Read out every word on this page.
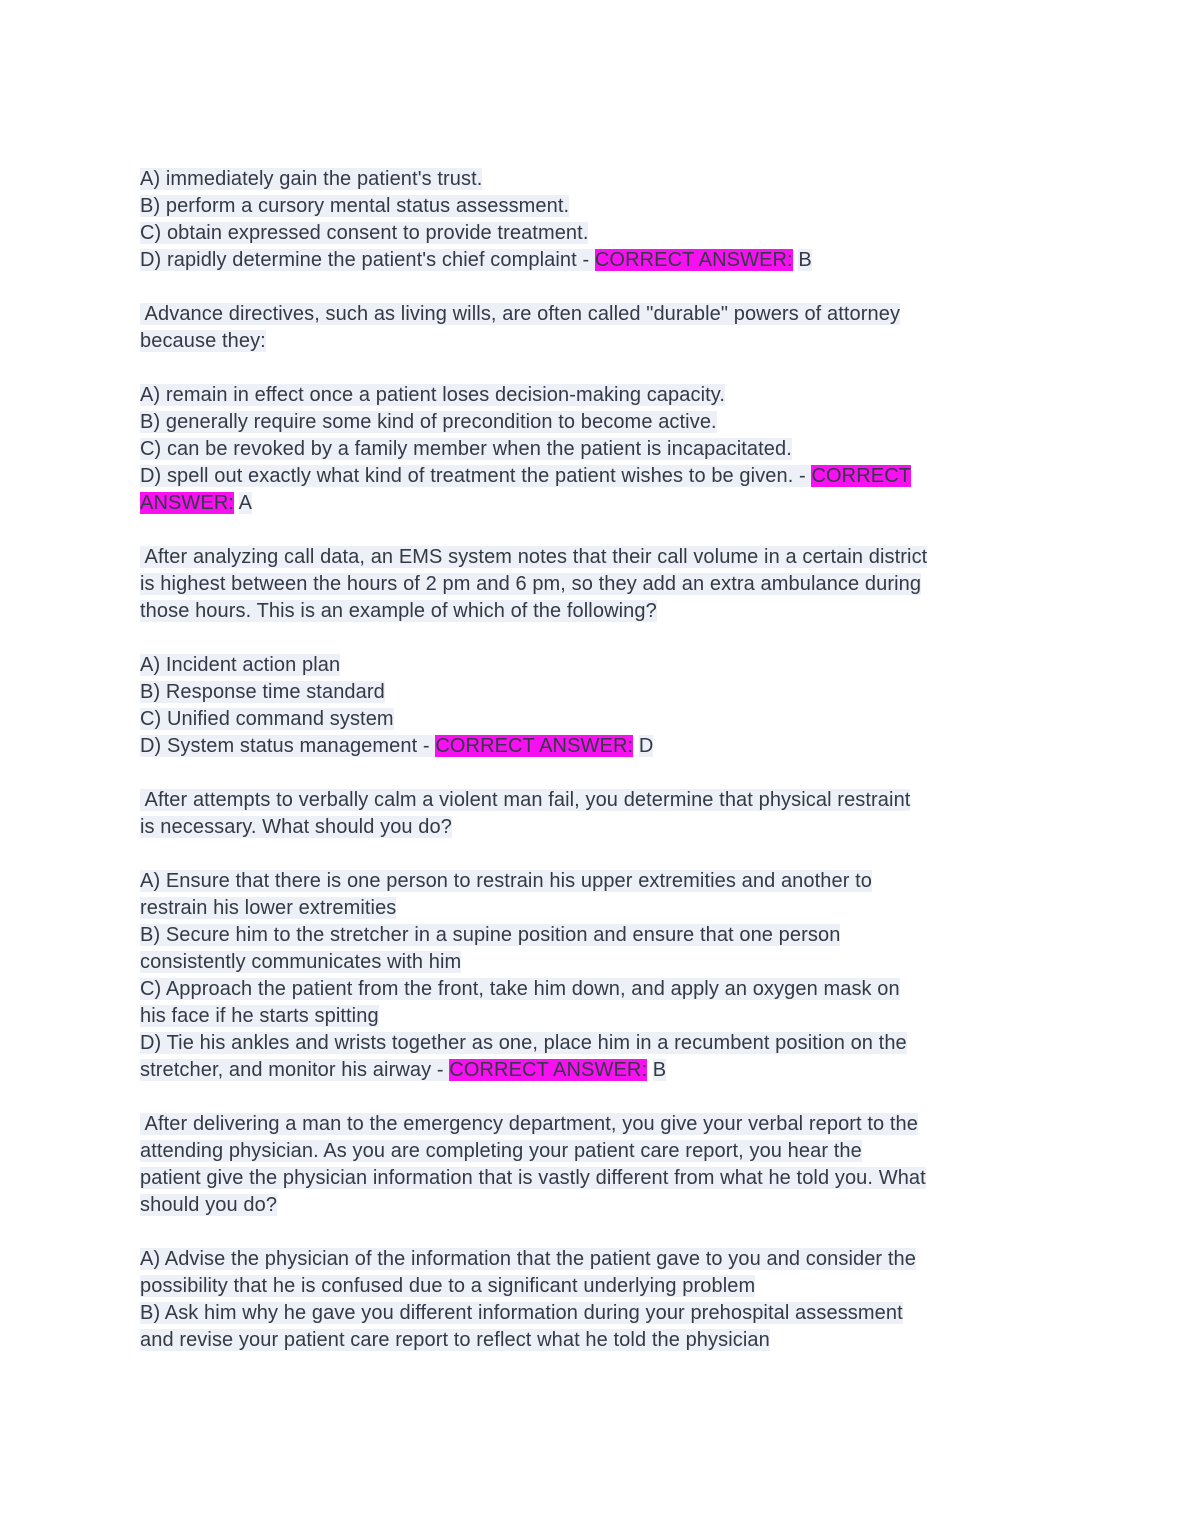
A) immediately gain the patient's trust.
B) perform a cursory mental status assessment.
C) obtain expressed consent to provide treatment.
D) rapidly determine the patient's chief complaint - CORRECT ANSWER: B
Advance directives, such as living wills, are often called "durable" powers of attorney
because they:
A) remain in effect once a patient loses decision-making capacity.
B) generally require some kind of precondition to become active.
C) can be revoked by a family member when the patient is incapacitated.
D) spell out exactly what kind of treatment the patient wishes to be given. - CORRECT
ANSWER: A
After analyzing call data, an EMS system notes that their call volume in a certain district
is highest between the hours of 2 pm and 6 pm, so they add an extra ambulance during
those hours. This is an example of which of the following?
A) Incident action plan
B) Response time standard
C) Unified command system
D) System status management - CORRECT ANSWER: D
After attempts to verbally calm a violent man fail, you determine that physical restraint
is necessary. What should you do?
A) Ensure that there is one person to restrain his upper extremities and another to
restrain his lower extremities
B) Secure him to the stretcher in a supine position and ensure that one person
consistently communicates with him
C) Approach the patient from the front, take him down, and apply an oxygen mask on
his face if he starts spitting
D) Tie his ankles and wrists together as one, place him in a recumbent position on the
stretcher, and monitor his airway - CORRECT ANSWER: B
After delivering a man to the emergency department, you give your verbal report to the
attending physician. As you are completing your patient care report, you hear the
patient give the physician information that is vastly different from what he told you. What
should you do?
A) Advise the physician of the information that the patient gave to you and consider the
possibility that he is confused due to a significant underlying problem
B) Ask him why he gave you different information during your prehospital assessment
and revise your patient care report to reflect what he told the physician
